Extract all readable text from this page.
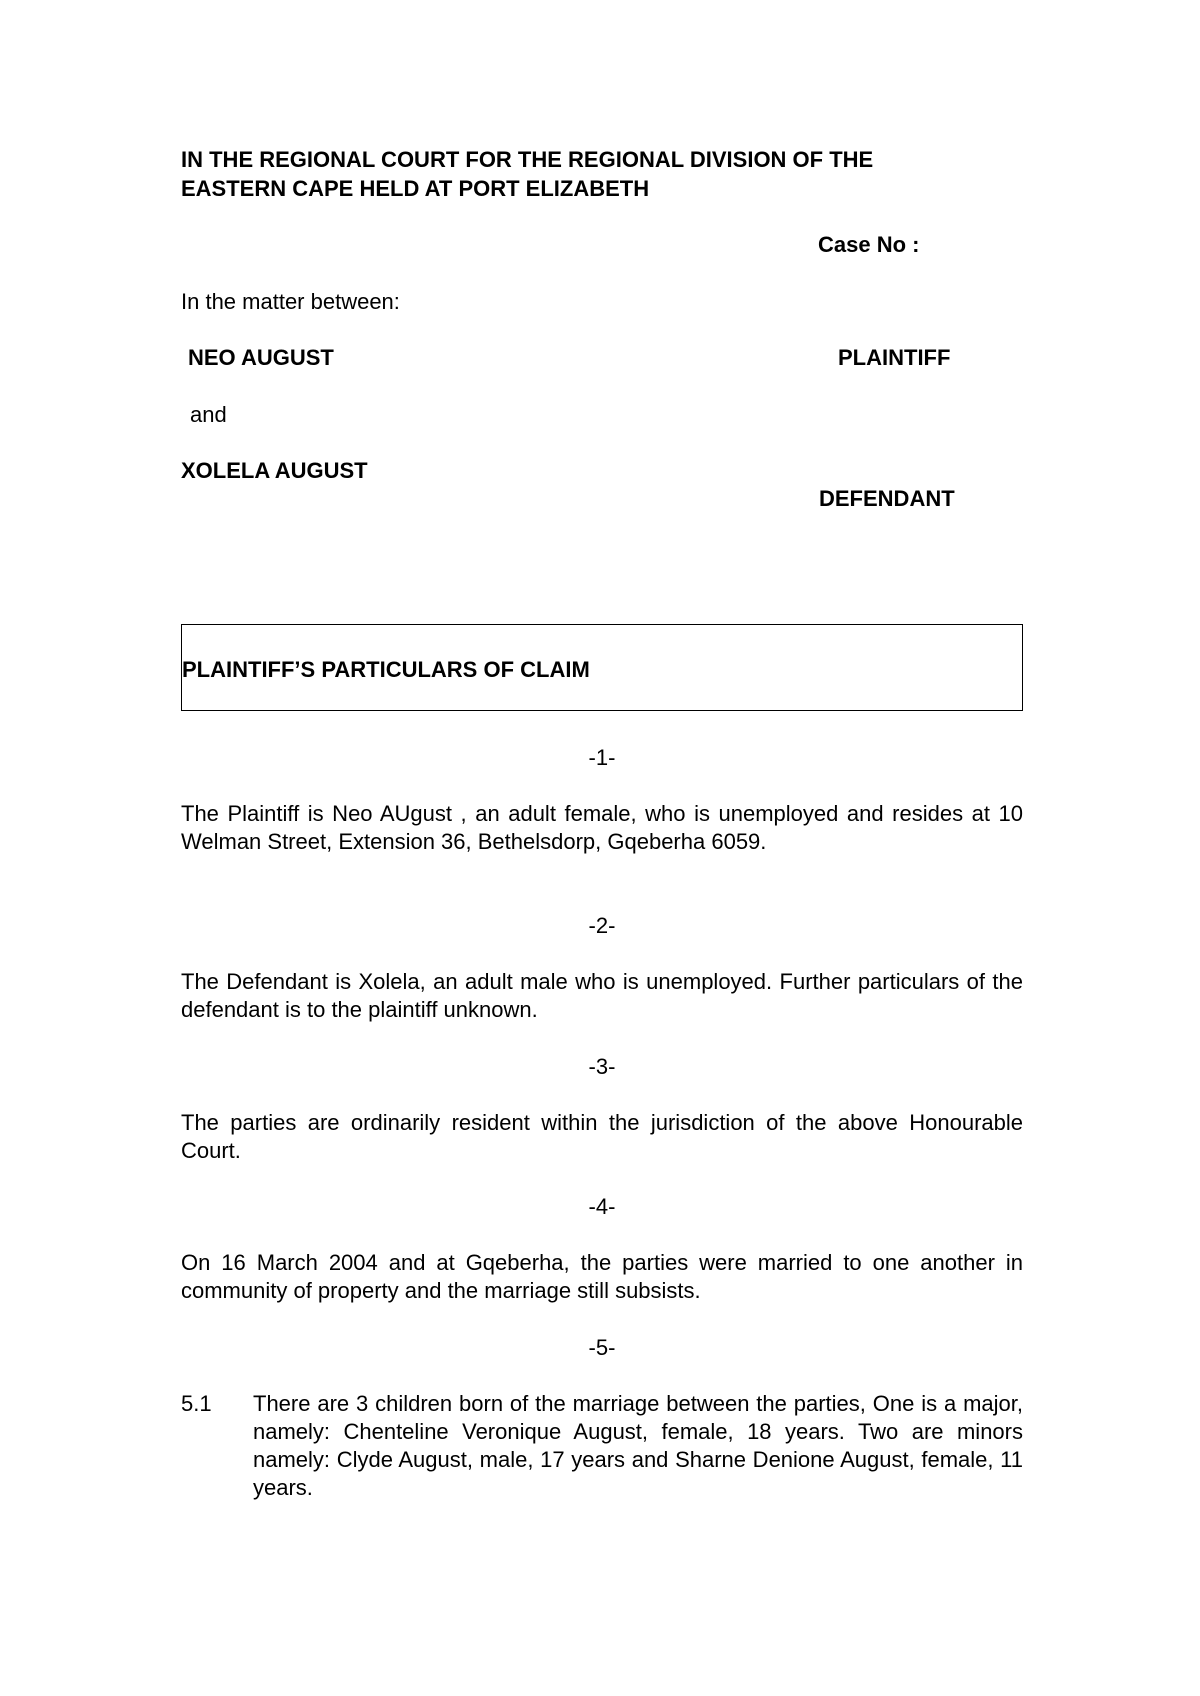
IN THE REGIONAL COURT FOR THE REGIONAL DIVISION OF THE
EASTERN CAPE HELD AT PORT ELIZABETH
Case No :
In the matter between:
NEO AUGUST	PLAINTIFF
and
XOLELA AUGUST
DEFENDANT
PLAINTIFF’S PARTICULARS OF CLAIM
-1-
The Plaintiff is Neo AUgust , an adult female, who is unemployed and resides at 10 Welman Street, Extension 36, Bethelsdorp, Gqeberha 6059.
-2-
The Defendant is Xolela, an adult male who is unemployed. Further particulars of the defendant is to the plaintiff unknown.
-3-
The parties are ordinarily resident within the jurisdiction of the above Honourable Court.
-4-
On 16 March 2004 and at Gqeberha, the parties were married to one another in community of property and the marriage still subsists.
-5-
5.1 There are 3 children born of the marriage between the parties, One is a major, namely: Chenteline Veronique August, female, 18 years. Two are minors namely: Clyde August, male, 17 years and Sharne Denione August, female, 11 years.
